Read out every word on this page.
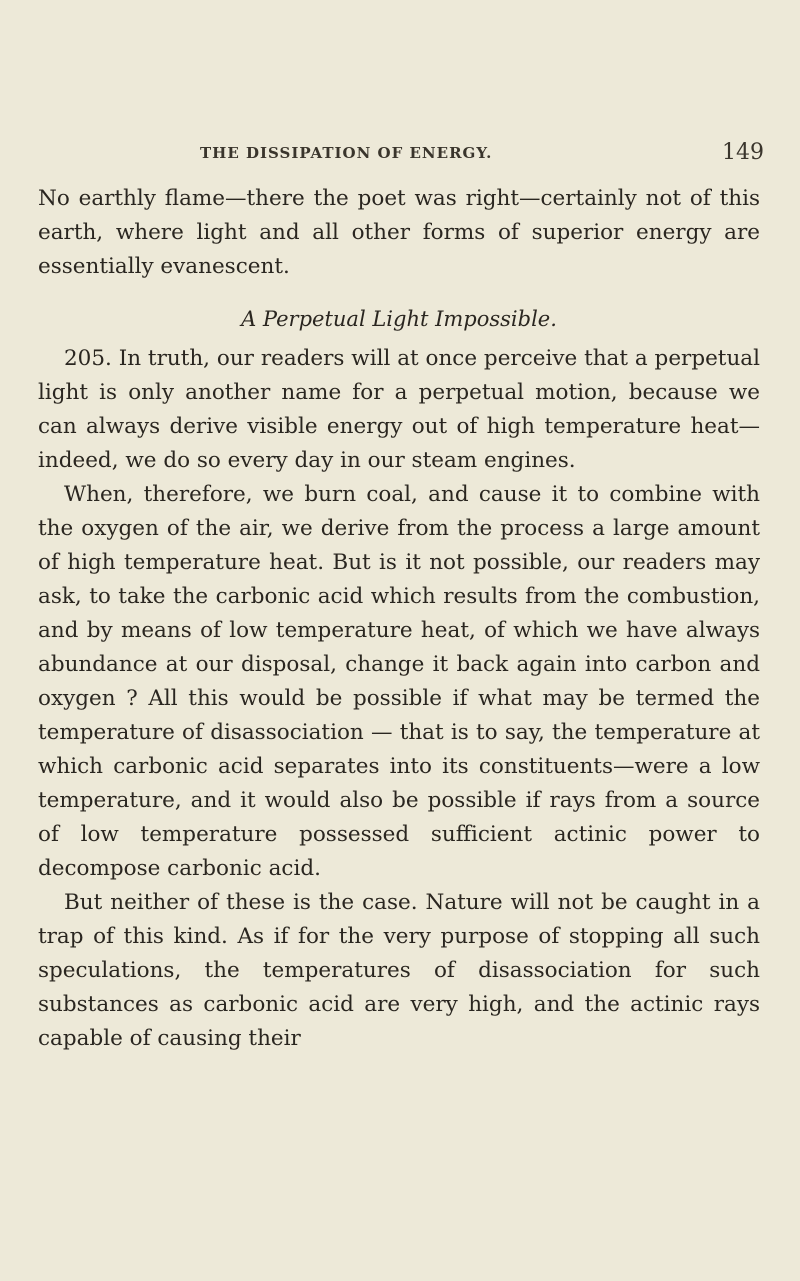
THE DISSIPATION OF ENERGY.	149

No earthly flame—there the poet was right—certainly not of this earth, where light and all other forms of superior energy are essentially evanescent.

A Perpetual Light Impossible.

205. In truth, our readers will at once perceive that a perpetual light is only another name for a perpetual motion, because we can always derive visible energy out of high temperature heat—indeed, we do so every day in our steam engines.

When, therefore, we burn coal, and cause it to combine with the oxygen of the air, we derive from the process a large amount of high temperature heat. But is it not possible, our readers may ask, to take the carbonic acid which results from the combustion, and by means of low temperature heat, of which we have always abundance at our disposal, change it back again into carbon and oxygen ? All this would be possible if what may be termed the temperature of disassociation — that is to say, the temperature at which carbonic acid separates into its constituents—were a low temperature, and it would also be possible if rays from a source of low temperature possessed sufficient actinic power to decompose carbonic acid.

But neither of these is the case. Nature will not be caught in a trap of this kind. As if for the very purpose of stopping all such speculations, the temperatures of disassociation for such substances as carbonic acid are very high, and the actinic rays capable of causing their
